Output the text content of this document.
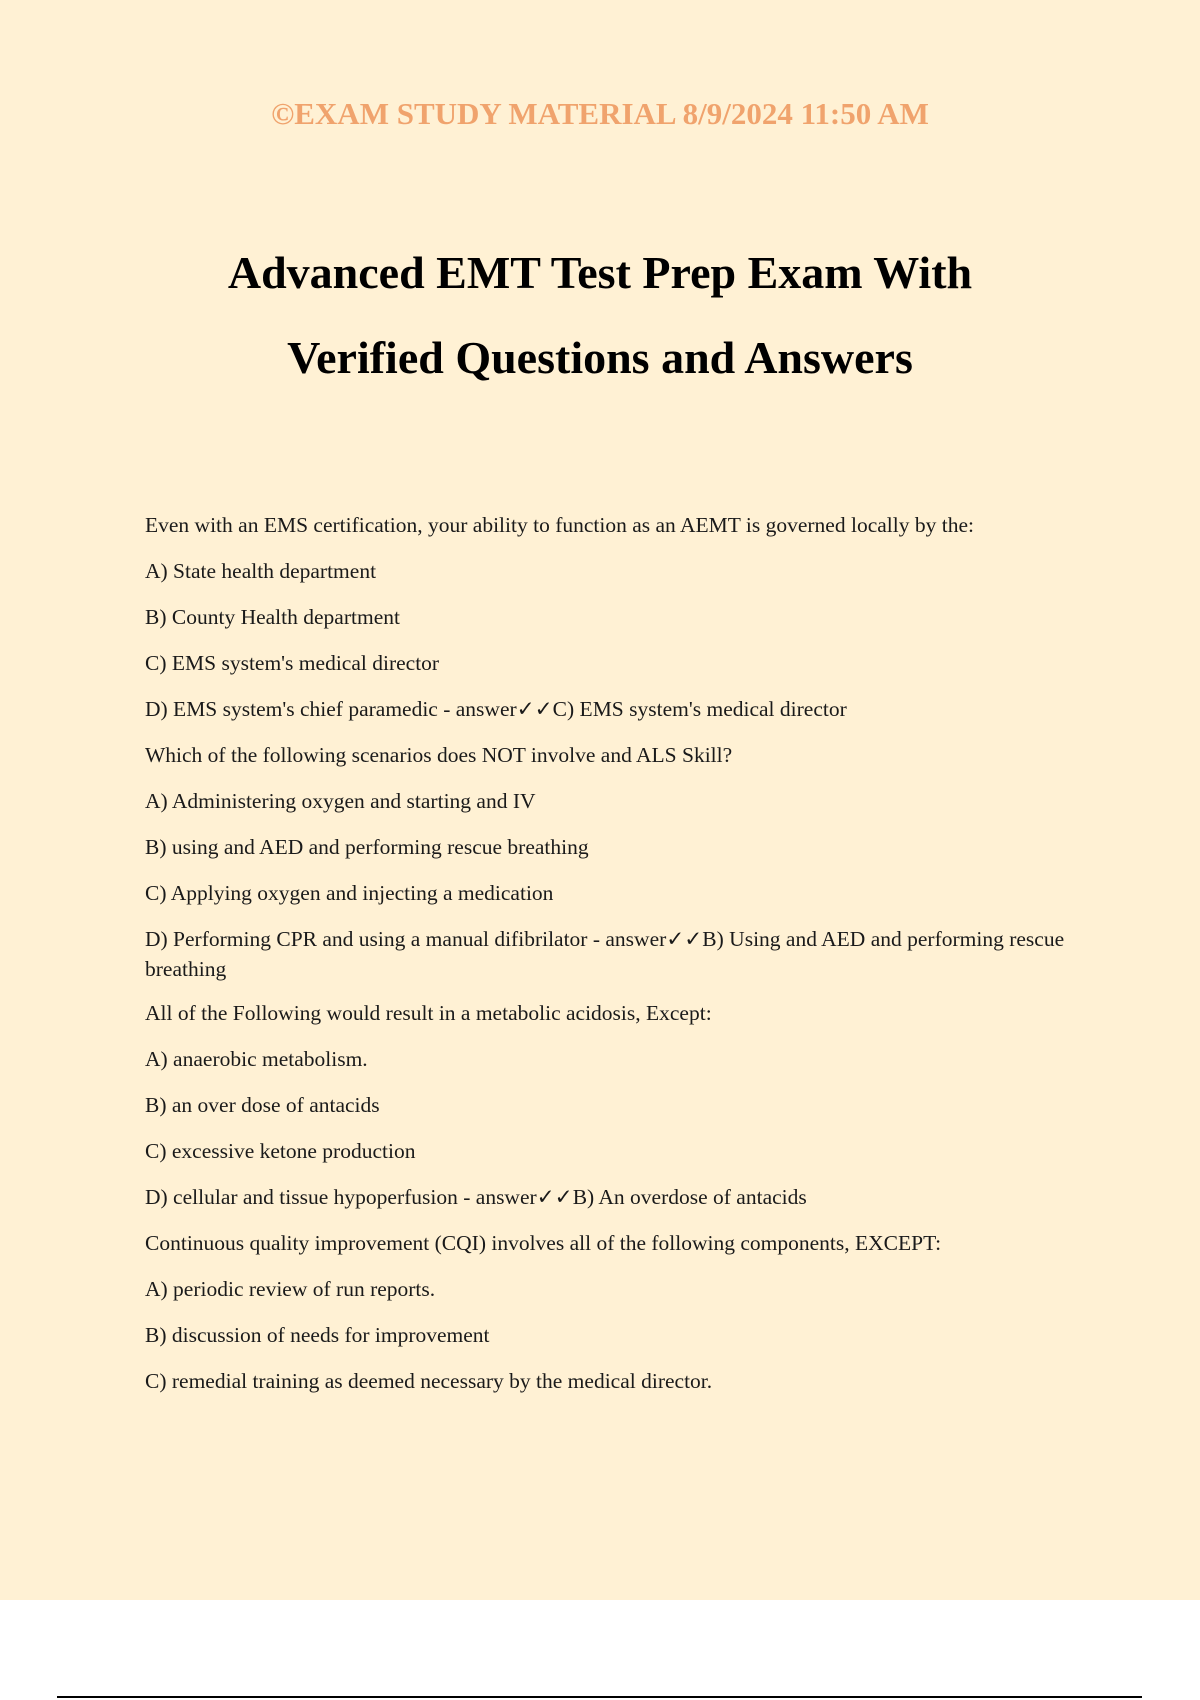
©EXAM STUDY MATERIAL 8/9/2024 11:50 AM
Advanced EMT Test Prep Exam With
Verified Questions and Answers
Even with an EMS certification, your ability to function as an AEMT is governed locally by the:
A) State health department
B) County Health department
C) EMS system's medical director
D) EMS system's chief paramedic - answer✓✓C) EMS system's medical director
Which of the following scenarios does NOT involve and ALS Skill?
A) Administering oxygen and starting and IV
B) using and AED and performing rescue breathing
C) Applying oxygen and injecting a medication
D) Performing CPR and using a manual difibrilator - answer✓✓B) Using and AED and performing rescue breathing
All of the Following would result in a metabolic acidosis, Except:
A) anaerobic metabolism.
B) an over dose of antacids
C) excessive ketone production
D) cellular and tissue hypoperfusion - answer✓✓B) An overdose of antacids
Continuous quality improvement (CQI) involves all of the following components, EXCEPT:
A) periodic review of run reports.
B) discussion of needs for improvement
C) remedial training as deemed necessary by the medical director.
